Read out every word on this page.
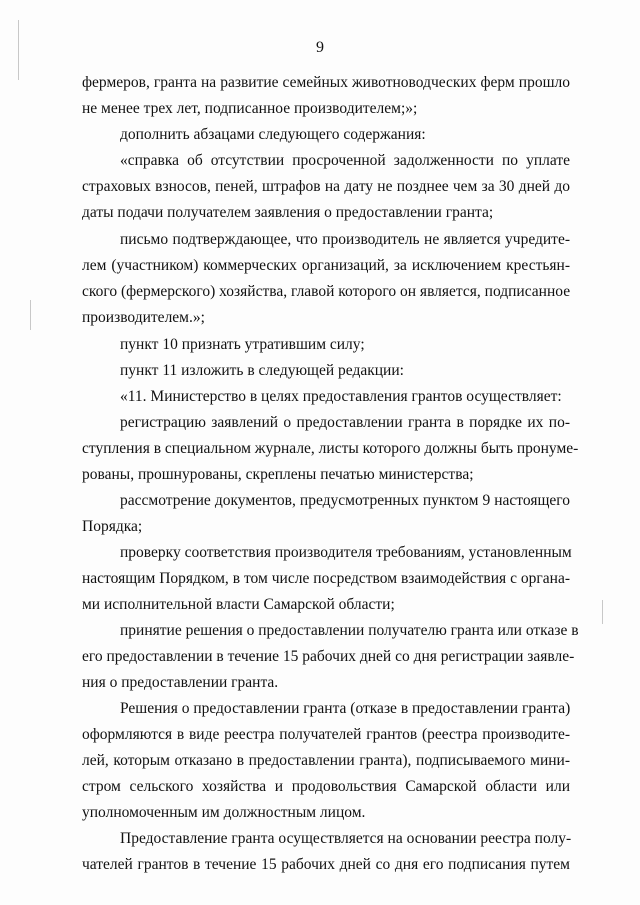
9
фермеров, гранта на развитие семейных животноводческих ферм прошло
не менее трех лет, подписанное производителем;»;
дополнить абзацами следующего содержания:
«справка об отсутствии просроченной задолженности по уплате
страховых взносов, пеней, штрафов на дату не позднее чем за 30 дней до
даты подачи получателем заявления о предоставлении гранта;
письмо подтверждающее, что производитель не является учредите-
лем (участником) коммерческих организаций, за исключением крестьян-
ского (фермерского) хозяйства, главой которого он является, подписанное
производителем.»;
пункт 10 признать утратившим силу;
пункт 11 изложить в следующей редакции:
«11. Министерство в целях предоставления грантов осуществляет:
регистрацию заявлений о предоставлении гранта в порядке их по-
ступления в специальном журнале, листы которого должны быть пронуме-
рованы, прошнурованы, скреплены печатью министерства;
рассмотрение документов, предусмотренных пунктом 9 настоящего
Порядка;
проверку соответствия производителя требованиям, установленным
настоящим Порядком, в том числе посредством взаимодействия с органа-
ми исполнительной власти Самарской области;
принятие решения о предоставлении получателю гранта или отказе в
его предоставлении в течение 15 рабочих дней со дня регистрации заявле-
ния о предоставлении гранта.
Решения о предоставлении гранта (отказе в предоставлении гранта)
оформляются в виде реестра получателей грантов (реестра производите-
лей, которым отказано в предоставлении гранта), подписываемого мини-
стром сельского хозяйства и продовольствия Самарской области или
уполномоченным им должностным лицом.
Предоставление гранта осуществляется на основании реестра полу-
чателей грантов в течение 15 рабочих дней со дня его подписания путем
